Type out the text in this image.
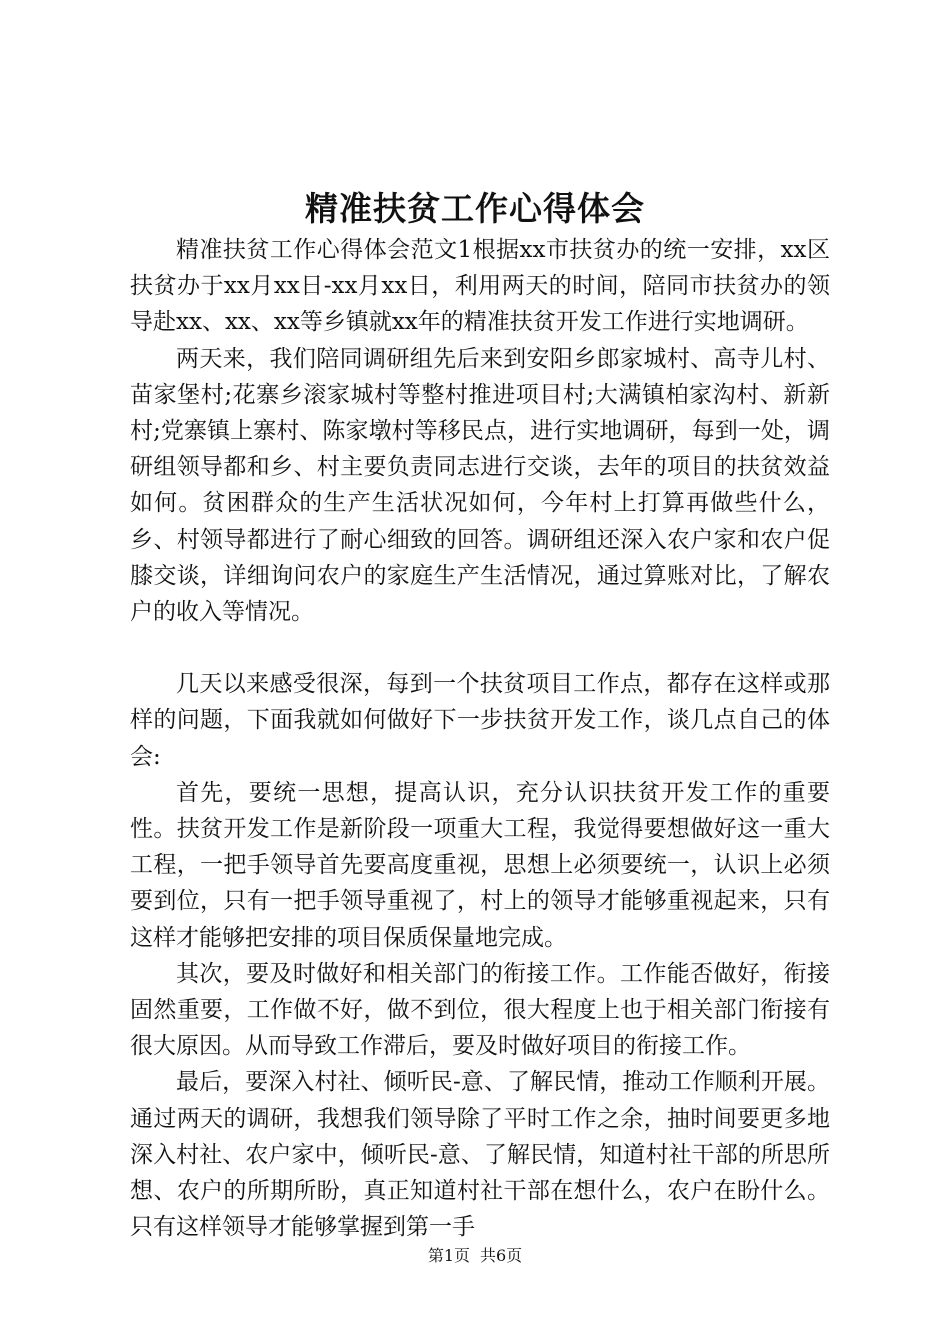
精准扶贫工作心得体会

精准扶贫工作心得体会范文1根据xx市扶贫办的统一安排，xx区扶贫办于xx月xx日-xx月xx日，利用两天的时间，陪同市扶贫办的领导赴xx、xx、xx等乡镇就xx年的精准扶贫开发工作进行实地调研。

两天来，我们陪同调研组先后来到安阳乡郎家城村、高寺儿村、苗家堡村;花寨乡滚家城村等整村推进项目村;大满镇柏家沟村、新新村;党寨镇上寨村、陈家墩村等移民点，进行实地调研，每到一处，调研组领导都和乡、村主要负责同志进行交谈，去年的项目的扶贫效益如何。贫困群众的生产生活状况如何，今年村上打算再做些什么，乡、村领导都进行了耐心细致的回答。调研组还深入农户家和农户促膝交谈，详细询问农户的家庭生产生活情况，通过算账对比，了解农户的收入等情况。

几天以来感受很深，每到一个扶贫项目工作点，都存在这样或那样的问题，下面我就如何做好下一步扶贫开发工作，谈几点自己的体会:

首先，要统一思想，提高认识，充分认识扶贫开发工作的重要性。扶贫开发工作是新阶段一项重大工程，我觉得要想做好这一重大工程，一把手领导首先要高度重视，思想上必须要统一，认识上必须要到位，只有一把手领导重视了，村上的领导才能够重视起来，只有这样才能够把安排的项目保质保量地完成。

其次，要及时做好和相关部门的衔接工作。工作能否做好，衔接固然重要，工作做不好，做不到位，很大程度上也于相关部门衔接有很大原因。从而导致工作滞后，要及时做好项目的衔接工作。

最后，要深入村社、倾听民-意、了解民情，推动工作顺利开展。通过两天的调研，我想我们领导除了平时工作之余，抽时间要更多地深入村社、农户家中，倾听民-意、了解民情，知道村社干部的所思所想、农户的所期所盼，真正知道村社干部在想什么，农户在盼什么。只有这样领导才能够掌握到第一手

第1页 共6页
